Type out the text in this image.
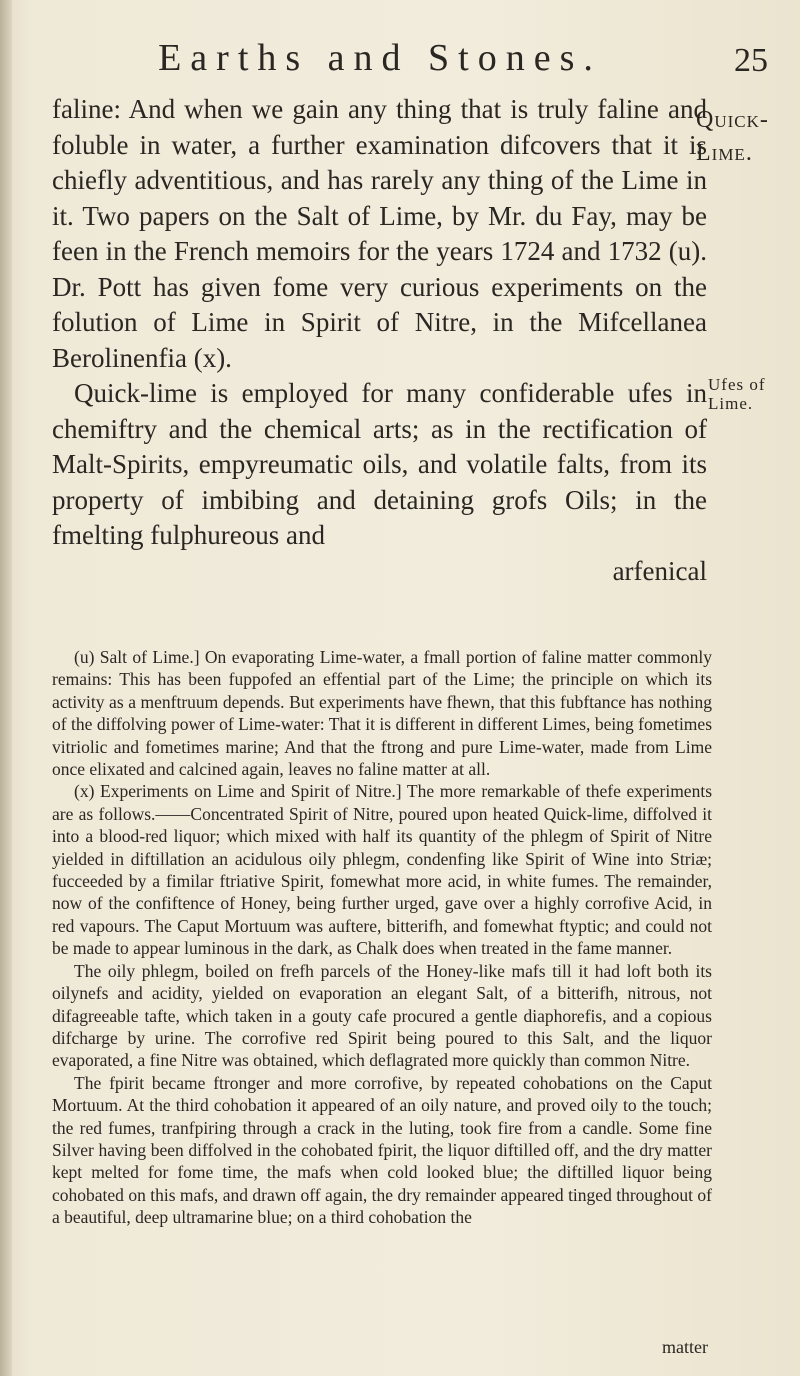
Earths and Stones.	25
Quick-
Lime.
Ufes of
Lime.

faline: And when we gain any thing that is truly faline and foluble in water, a further examination difcovers that it is chiefly adventitious, and has rarely any thing of the Lime in it. Two papers on the Salt of Lime, by Mr. du Fay, may be feen in the French memoirs for the years 1724 and 1732 (u). Dr. Pott has given fome very curious experiments on the folution of Lime in Spirit of Nitre, in the Mifcellanea Berolinenfia (x).

Quick-lime is employed for many confiderable ufes in chemiftry and the chemical arts; as in the rectification of Malt-Spirits, empyreumatic oils, and volatile falts, from its property of imbibing and detaining grofs Oils; in the fmelting fulphureous and

arfenical

(u) Salt of Lime.] On evaporating Lime-water, a fmall portion of faline matter commonly remains: This has been fuppofed an effential part of the Lime; the principle on which its activity as a menftruum depends. But experiments have fhewn, that this fubftance has nothing of the diffolving power of Lime-water: That it is different in different Limes, being fometimes vitriolic and fometimes marine; And that the ftrong and pure Lime-water, made from Lime once elixated and calcined again, leaves no faline matter at all.

(x) Experiments on Lime and Spirit of Nitre.] The more remarkable of thefe experiments are as follows.——Concentrated Spirit of Nitre, poured upon heated Quick-lime, diffolved it into a blood-red liquor; which mixed with half its quantity of the phlegm of Spirit of Nitre yielded in diftillation an acidulous oily phlegm, condenfing like Spirit of Wine into Striæ; fucceeded by a fimilar ftriative Spirit, fomewhat more acid, in white fumes. The remainder, now of the confiftence of Honey, being further urged, gave over a highly corrofive Acid, in red vapours. The Caput Mortuum was auftere, bitterifh, and fomewhat ftyptic; and could not be made to appear luminous in the dark, as Chalk does when treated in the fame manner.

The oily phlegm, boiled on frefh parcels of the Honey-like mafs till it had loft both its oilynefs and acidity, yielded on evaporation an elegant Salt, of a bitterifh, nitrous, not difagreeable tafte, which taken in a gouty cafe procured a gentle diaphorefis, and a copious difcharge by urine. The corrofive red Spirit being poured to this Salt, and the liquor evaporated, a fine Nitre was obtained, which deflagrated more quickly than common Nitre.

The fpirit became ftronger and more corrofive, by repeated cohobations on the Caput Mortuum. At the third cohobation it appeared of an oily nature, and proved oily to the touch; the red fumes, tranfpiring through a crack in the luting, took fire from a candle. Some fine Silver having been diffolved in the cohobated fpirit, the liquor diftilled off, and the dry matter kept melted for fome time, the mafs when cold looked blue; the diftilled liquor being cohobated on this mafs, and drawn off again, the dry remainder appeared tinged throughout of a beautiful, deep ultramarine blue; on a third cohobation the

matter
